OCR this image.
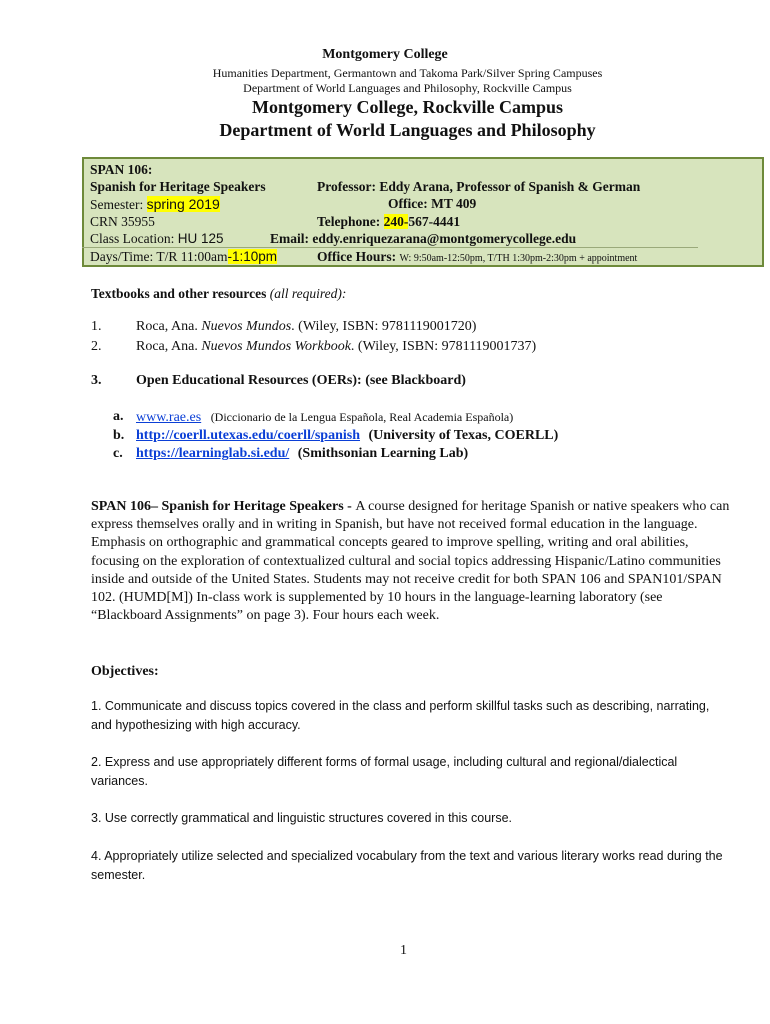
Montgomery College
Humanities Department, Germantown and Takoma Park/Silver Spring Campuses
Department of World Languages and Philosophy, Rockville Campus
Montgomery College, Rockville Campus
Department of World Languages and Philosophy
SPAN 106:
Spanish for Heritage Speakers	Professor: Eddy Arana, Professor of Spanish & German
Semester: spring 2019	Office: MT 409
CRN 35955	Telephone: 240-567-4441
Class Location: HU 125	Email: eddy.enriquezarana@montgomerycollege.edu
Days/Time: T/R 11:00am-1:10pm	Office Hours: W: 9:50am-12:50pm, T/TH 1:30pm-2:30pm + appointment
Textbooks and other resources (all required):
1. Roca, Ana. Nuevos Mundos. (Wiley, ISBN: 9781119001720)
2. Roca, Ana. Nuevos Mundos Workbook. (Wiley, ISBN: 9781119001737)
3. Open Educational Resources (OERs): (see Blackboard)
a. www.rae.es (Diccionario de la Lengua Española, Real Academia Española)
b. http://coerll.utexas.edu/coerll/spanish (University of Texas, COERLL)
c. https://learninglab.si.edu/ (Smithsonian Learning Lab)
SPAN 106– Spanish for Heritage Speakers - A course designed for heritage Spanish or native speakers who can express themselves orally and in writing in Spanish, but have not received formal education in the language. Emphasis on orthographic and grammatical concepts geared to improve spelling, writing and oral abilities, focusing on the exploration of contextualized cultural and social topics addressing Hispanic/Latino communities inside and outside of the United States. Students may not receive credit for both SPAN 106 and SPAN101/SPAN 102. (HUMD[M]) In-class work is supplemented by 10 hours in the language-learning laboratory (see “Blackboard Assignments” on page 3). Four hours each week.
Objectives:
1. Communicate and discuss topics covered in the class and perform skillful tasks such as describing, narrating, and hypothesizing with high accuracy.
2. Express and use appropriately different forms of formal usage, including cultural and regional/dialectical variances.
3. Use correctly grammatical and linguistic structures covered in this course.
4. Appropriately utilize selected and specialized vocabulary from the text and various literary works read during the semester.
1
